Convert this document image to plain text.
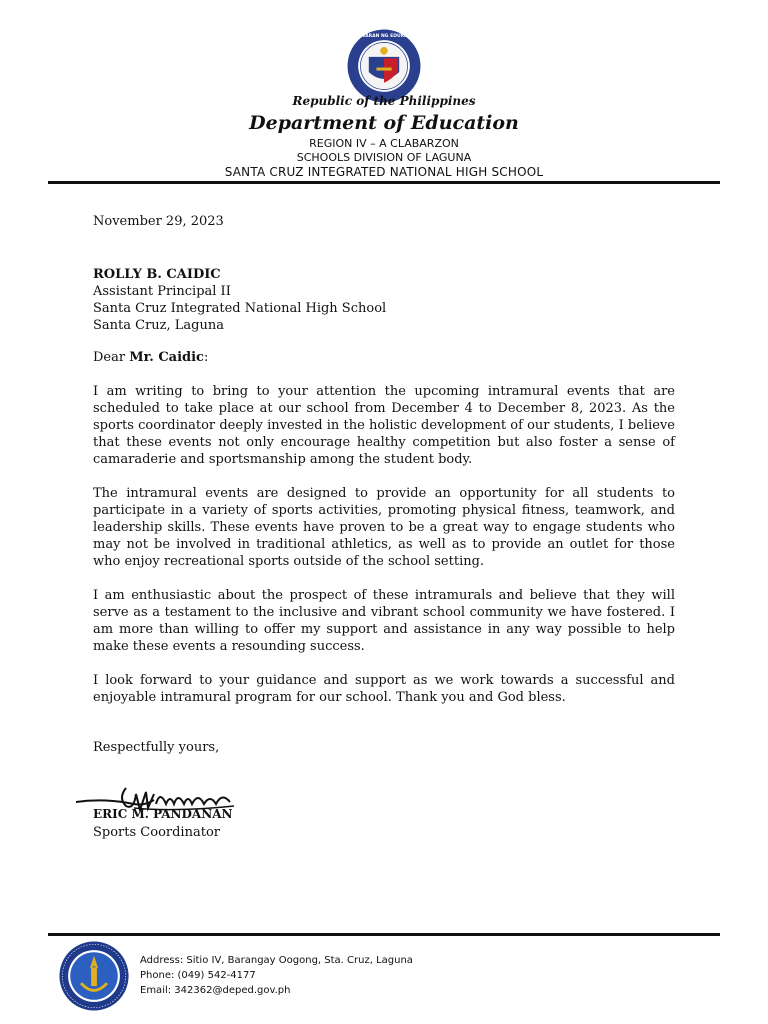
KAGAWARAN NG EDUKASYON
Republic of the Philippines
Department of Education
REGION IV – A CLABARZON
SCHOOLS DIVISION OF LAGUNA
SANTA CRUZ INTEGRATED NATIONAL HIGH SCHOOL
November 29, 2023
ROLLY B. CAIDIC
Assistant Principal II
Santa Cruz Integrated National High School
Santa Cruz, Laguna
Dear Mr. Caidic:
I am writing to bring to your attention the upcoming intramural events that are scheduled to take place at our school from December 4 to December 8, 2023. As the sports coordinator deeply invested in the holistic development of our students, I believe that these events not only encourage healthy competition but also foster a sense of camaraderie and sportsmanship among the student body.
The intramural events are designed to provide an opportunity for all students to participate in a variety of sports activities, promoting physical fitness, teamwork, and leadership skills. These events have proven to be a great way to engage students who may not be involved in traditional athletics, as well as to provide an outlet for those who enjoy recreational sports outside of the school setting.
I am enthusiastic about the prospect of these intramurals and believe that they will serve as a testament to the inclusive and vibrant school community we have fostered. I am more than willing to offer my support and assistance in any way possible to help make these events a resounding success.
I look forward to your guidance and support as we work towards a successful and enjoyable intramural program for our school. Thank you and God bless.
Respectfully yours,
ERIC M. PANDANAN
Sports Coordinator
Address: Sitio IV, Barangay Oogong, Sta. Cruz, Laguna
Phone: (049) 542-4177
Email: 342362@deped.gov.ph
